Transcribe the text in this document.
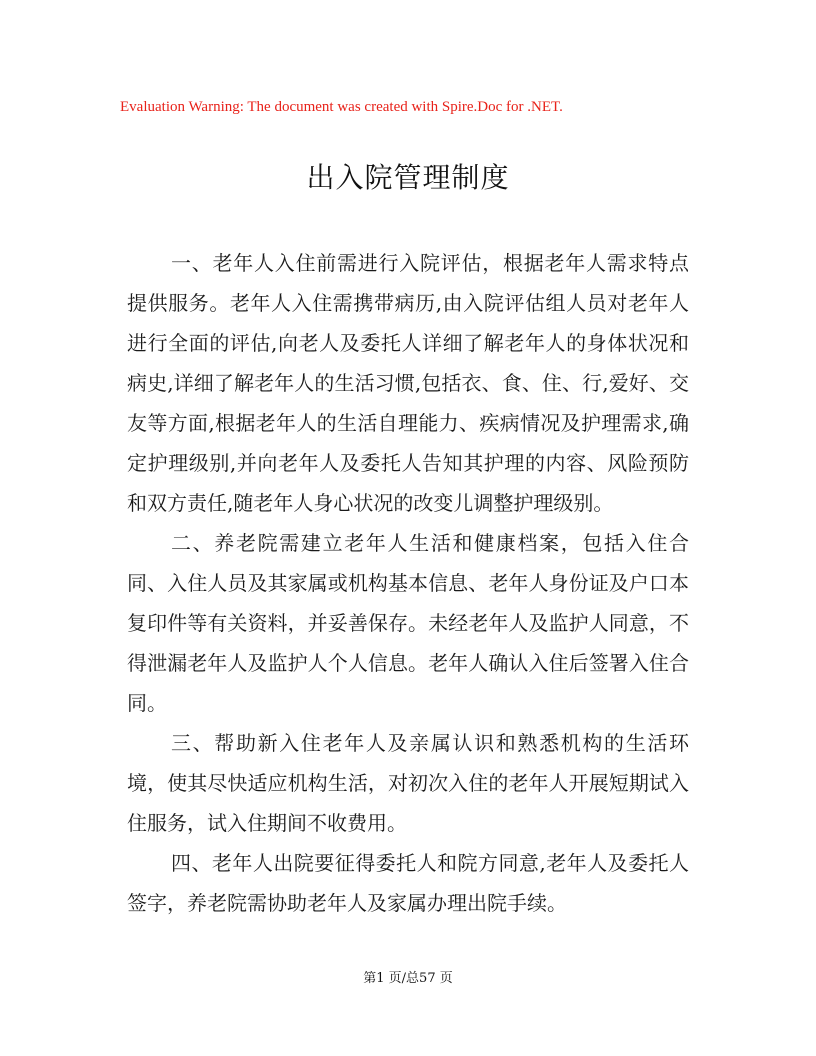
Evaluation Warning: The document was created with Spire.Doc for .NET.
出入院管理制度

一、老年人入住前需进行入院评估，根据老年人需求特点提供服务。老年人入住需携带病历,由入院评估组人员对老年人进行全面的评估,向老人及委托人详细了解老年人的身体状况和病史,详细了解老年人的生活习惯,包括衣、食、住、行,爱好、交友等方面,根据老年人的生活自理能力、疾病情况及护理需求,确定护理级别,并向老年人及委托人告知其护理的内容、风险预防和双方责任,随老年人身心状况的改变儿调整护理级别。

二、养老院需建立老年人生活和健康档案，包括入住合同、入住人员及其家属或机构基本信息、老年人身份证及户口本复印件等有关资料，并妥善保存。未经老年人及监护人同意，不得泄漏老年人及监护人个人信息。老年人确认入住后签署入住合同。

三、帮助新入住老年人及亲属认识和熟悉机构的生活环境，使其尽快适应机构生活，对初次入住的老年人开展短期试入住服务，试入住期间不收费用。

四、老年人出院要征得委托人和院方同意,老年人及委托人签字，养老院需协助老年人及家属办理出院手续。

第1 页/总57 页
